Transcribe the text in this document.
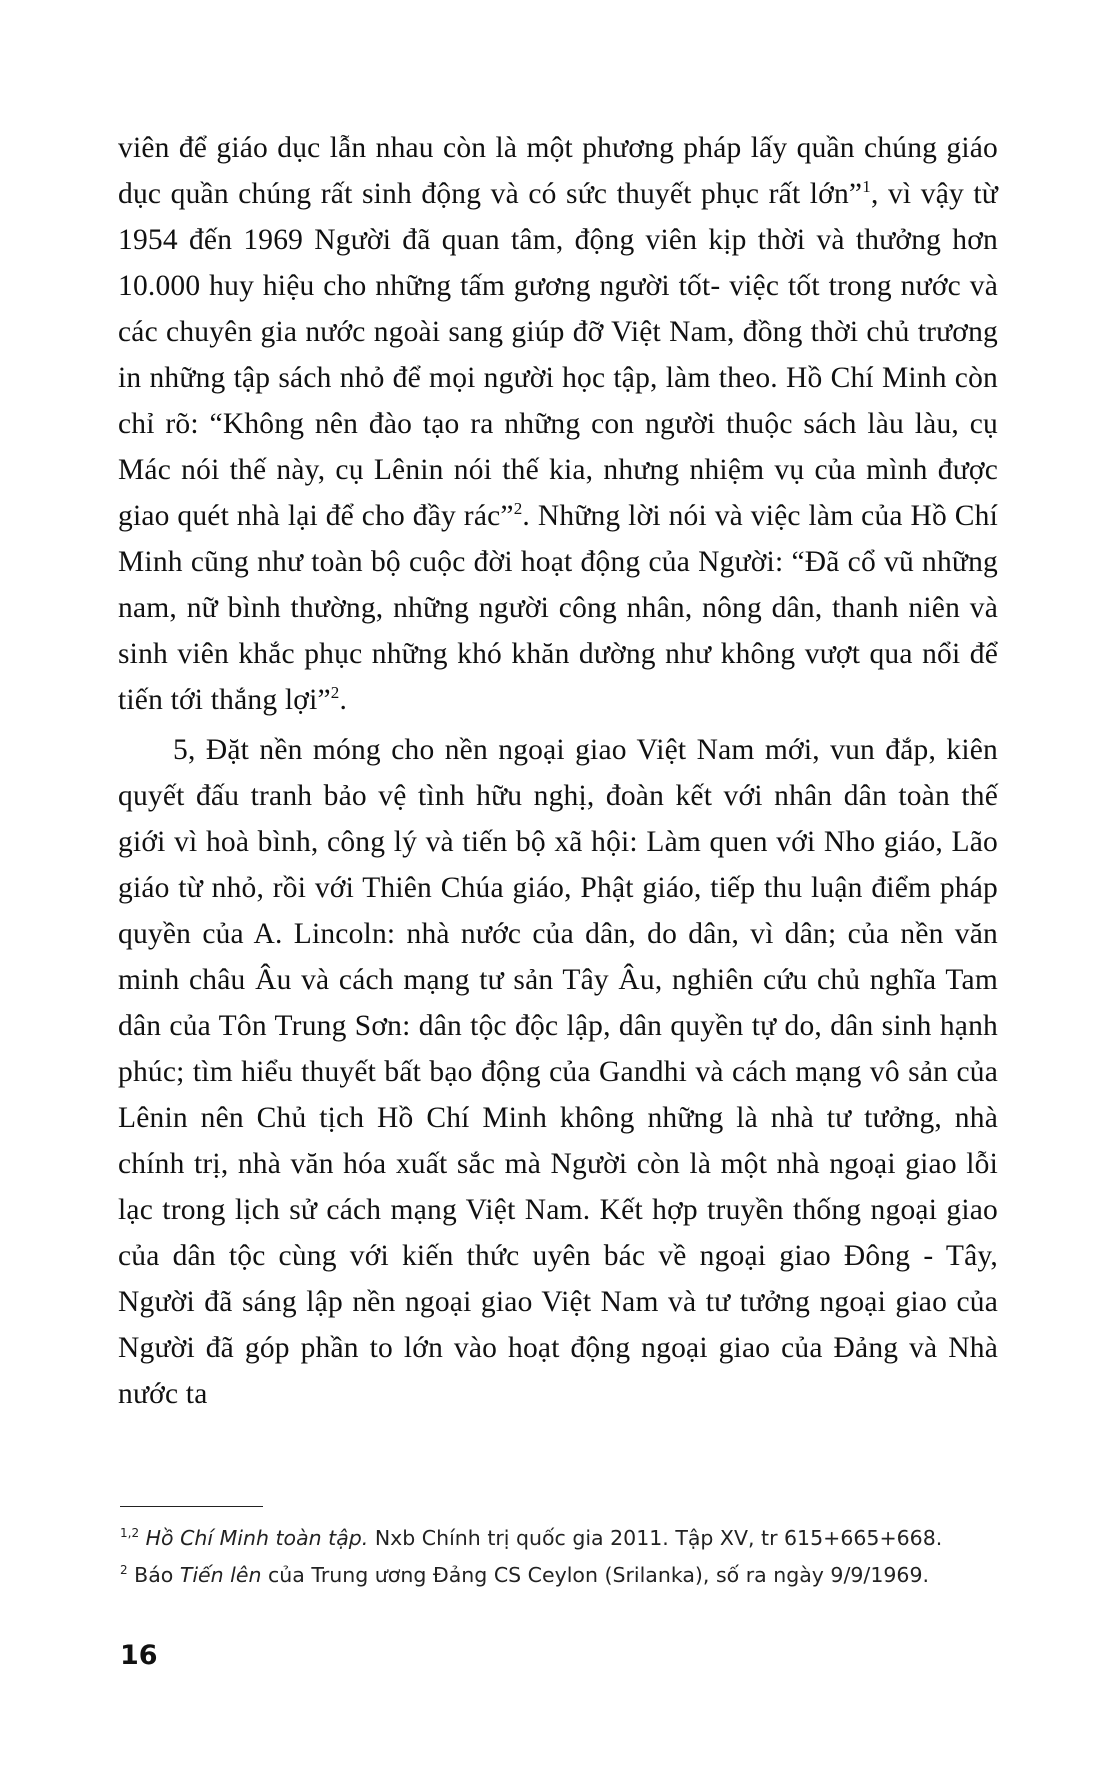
viên để giáo dục lẫn nhau còn là một phương pháp lấy quần chúng giáo dục quần chúng rất sinh động và có sức thuyết phục rất lớn”$^1$, vì vậy từ 1954 đến 1969 Người đã quan tâm, động viên kịp thời và thưởng hơn 10.000 huy hiệu cho những tấm gương người tốt- việc tốt trong nước và các chuyên gia nước ngoài sang giúp đỡ Việt Nam, đồng thời chủ trương in những tập sách nhỏ để mọi người học tập, làm theo. Hồ Chí Minh còn chỉ rõ: “Không nên đào tạo ra những con người thuộc sách làu làu, cụ Mác nói thế này, cụ Lênin nói thế kia, nhưng nhiệm vụ của mình được giao quét nhà lại để cho đầy rác”$^2$. Những lời nói và việc làm của Hồ Chí Minh cũng như toàn bộ cuộc đời hoạt động của Người: “Đã cổ vũ những nam, nữ bình thường, những người công nhân, nông dân, thanh niên và sinh viên khắc phục những khó khăn dường như không vượt qua nổi để tiến tới thắng lợi”$^2$.

5, Đặt nền móng cho nền ngoại giao Việt Nam mới, vun đắp, kiên quyết đấu tranh bảo vệ tình hữu nghị, đoàn kết với nhân dân toàn thế giới vì hoà bình, công lý và tiến bộ xã hội: Làm quen với Nho giáo, Lão giáo từ nhỏ, rồi với Thiên Chúa giáo, Phật giáo, tiếp thu luận điểm pháp quyền của A. Lincoln: nhà nước của dân, do dân, vì dân; của nền văn minh châu Âu và cách mạng tư sản Tây Âu, nghiên cứu chủ nghĩa Tam dân của Tôn Trung Sơn: dân tộc độc lập, dân quyền tự do, dân sinh hạnh phúc; tìm hiểu thuyết bất bạo động của Gandhi và cách mạng vô sản của Lênin nên Chủ tịch Hồ Chí Minh không những là nhà tư tưởng, nhà chính trị, nhà văn hóa xuất sắc mà Người còn là một nhà ngoại giao lỗi lạc trong lịch sử cách mạng Việt Nam. Kết hợp truyền thống ngoại giao của dân tộc cùng với kiến thức uyên bác về ngoại giao Đông - Tây, Người đã sáng lập nền ngoại giao Việt Nam và tư tưởng ngoại giao của Người đã góp phần to lớn vào hoạt động ngoại giao của Đảng và Nhà nước ta

$^{1,2}$ Hồ Chí Minh toàn tập. Nxb Chính trị quốc gia 2011. Tập XV, tr 615+665+668.

$^2$ Báo Tiến lên của Trung ương Đảng CS Ceylon (Srilanka), số ra ngày 9/9/1969.

16
